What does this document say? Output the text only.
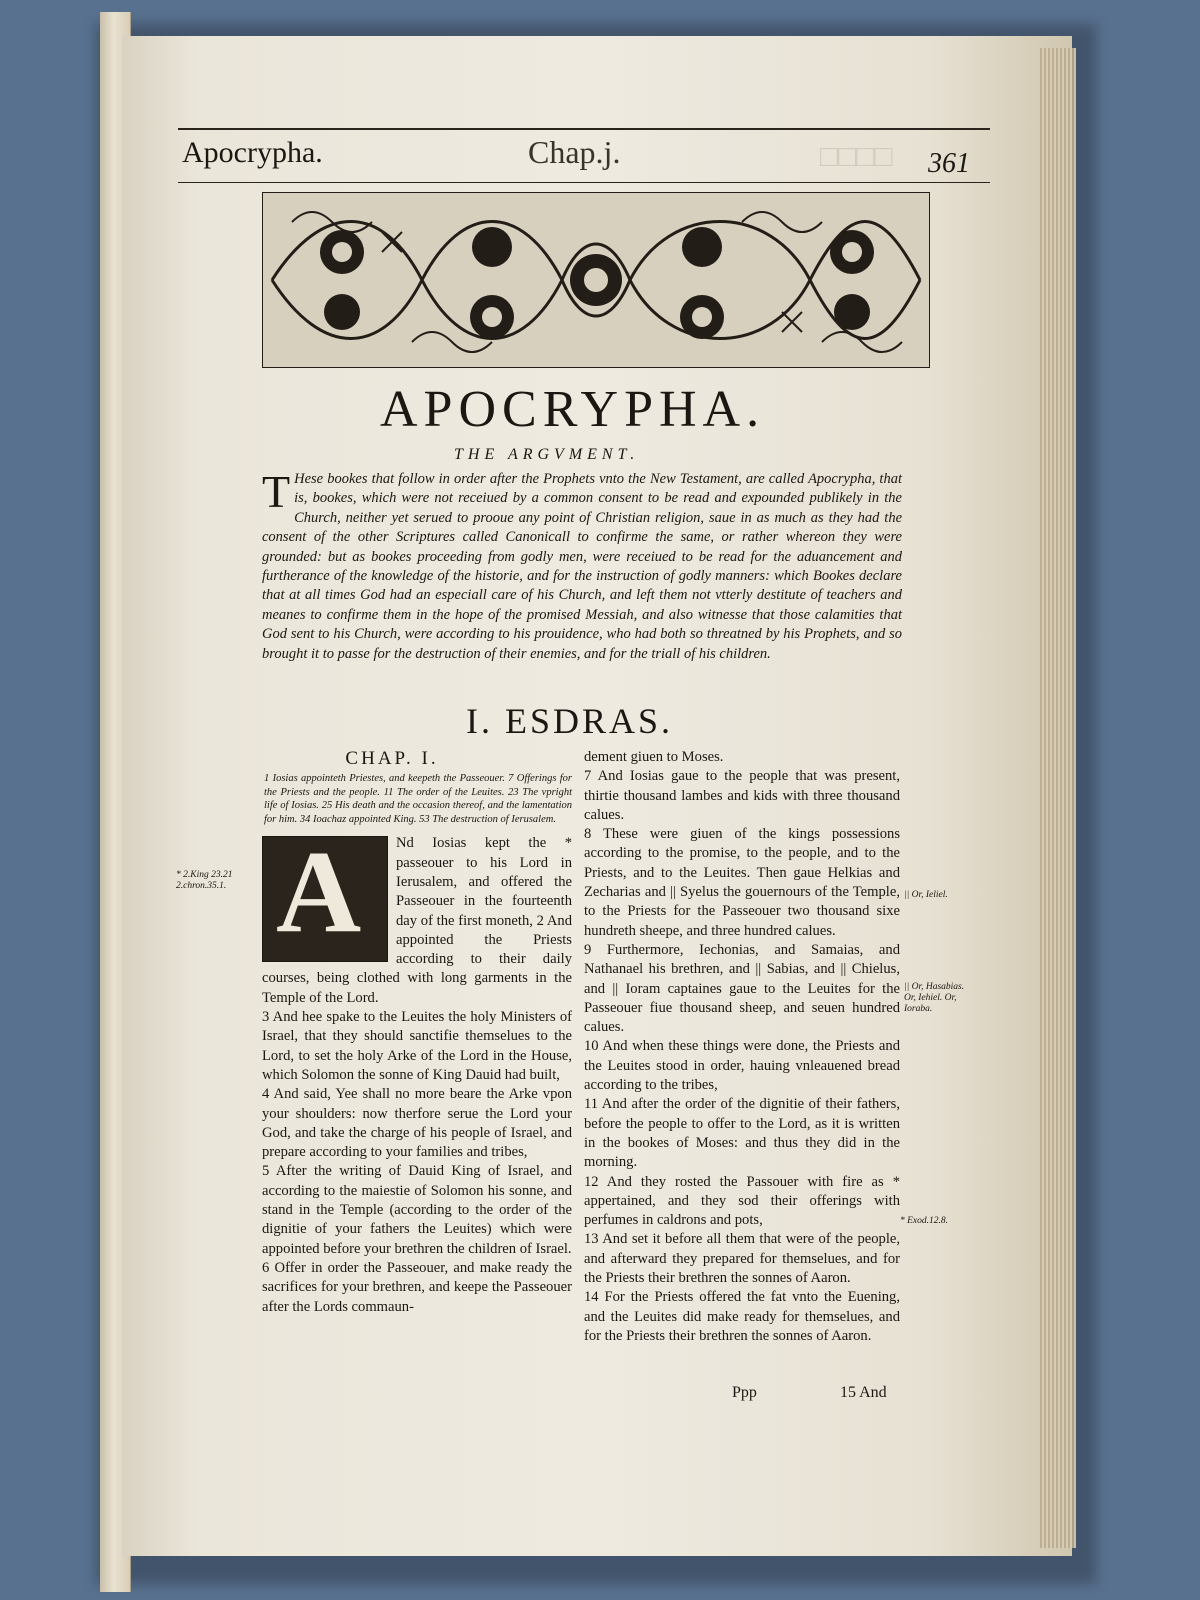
□□□□
Apocrypha.	Chap.j.	361
APOCRYPHA.
THE ARGVMENT.
T Hese bookes that follow in order after the Prophets vnto the New Testament, are called Apocrypha, that is, bookes, which were not receiued by a common consent to be read and expounded publikely in the Church, neither yet serued to prooue any point of Christian religion, saue in as much as they had the consent of the other Scriptures called Canonicall to confirme the same, or rather whereon they were grounded: but as bookes proceeding from godly men, were receiued to be read for the aduancement and furtherance of the knowledge of the historie, and for the instruction of godly manners: which Bookes declare that at all times God had an especiall care of his Church, and left them not vtterly destitute of teachers and meanes to confirme them in the hope of the promised Messiah, and also witnesse that those calamities that God sent to his Church, were according to his prouidence, who had both so threatned by his Prophets, and so brought it to passe for the destruction of their enemies, and for the triall of his children.
I. ESDRAS.
CHAP. I.
1 Iosias appointeth Priestes, and keepeth the Passeouer. 7 Offerings for the Priests and the people. 11 The order of the Leuites. 23 The vpright life of Iosias. 25 His death and the occasion thereof, and the lamentation for him. 34 Ioachaz appointed King. 53 The destruction of Ierusalem.
A Nd Iosias kept the * passeouer to his Lord in Ierusalem, and offered the Passeouer in the fourteenth day of the first moneth, 2 And appointed the Priests according to their daily courses, being clothed with long garments in the Temple of the Lord.
3 And hee spake to the Leuites the holy Ministers of Israel, that they should sanctifie themselues to the Lord, to set the holy Arke of the Lord in the House, which Solomon the sonne of King Dauid had built,
4 And said, Yee shall no more beare the Arke vpon your shoulders: now therfore serue the Lord your God, and take the charge of his people of Israel, and prepare according to your families and tribes,
5 After the writing of Dauid King of Israel, and according to the maiestie of Solomon his sonne, and stand in the Temple (according to the order of the dignitie of your fathers the Leuites) which were appointed before your brethren the children of Israel.
6 Offer in order the Passeouer, and make ready the sacrifices for your brethren, and keepe the Passeouer after the Lords commaun-
dement giuen to Moses.
7 And Iosias gaue to the people that was present, thirtie thousand lambes and kids with three thousand calues.
8 These were giuen of the kings possessions according to the promise, to the people, and to the Priests, and to the Leuites. Then gaue Helkias and Zecharias and || Syelus the gouernours of the Temple, to the Priests for the Passeouer two thousand sixe hundreth sheepe, and three hundred calues.
9 Furthermore, Iechonias, and Samaias, and Nathanael his brethren, and || Sabias, and || Chielus, and || Ioram captaines gaue to the Leuites for the Passeouer fiue thousand sheep, and seuen hundred calues.
10 And when these things were done, the Priests and the Leuites stood in order, hauing vnleauened bread according to the tribes,
11 And after the order of the dignitie of their fathers, before the people to offer to the Lord, as it is written in the bookes of Moses: and thus they did in the morning.
12 And they rosted the Passouer with fire as * appertained, and they sod their offerings with perfumes in caldrons and pots,
13 And set it before all them that were of the people, and afterward they prepared for themselues, and for the Priests their brethren the sonnes of Aaron.
14 For the Priests offered the fat vnto the Euening, and the Leuites did make ready for themselues, and for the Priests their brethren the sonnes of Aaron.
* 2.King 23.21 2.chron.35.1.
|| Or, Ieliel.
|| Or, Hasabias. Or, Iehiel. Or, Ioraba.
* Exod.12.8.
Ppp	15 And
